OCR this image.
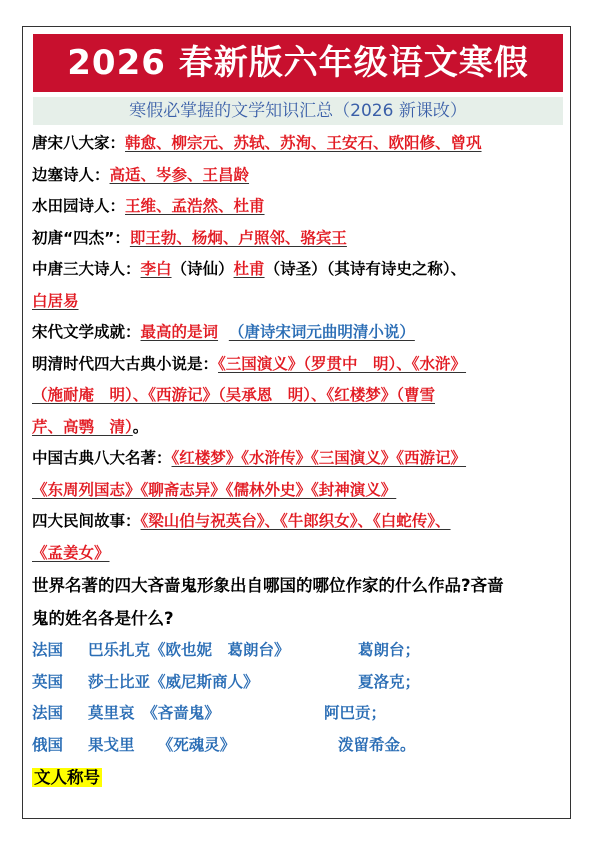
2026 春新版六年级语文寒假
寒假必掌握的文学知识汇总（2026 新课改）
唐宋八大家：韩愈、柳宗元、苏轼、苏洵、王安石、欧阳修、曾巩
边塞诗人：高适、岑参、王昌龄
水田园诗人：王维、孟浩然、杜甫
初唐“四杰”：即王勃、杨炯、卢照邻、骆宾王
中唐三大诗人：李白（诗仙）杜甫（诗圣）（其诗有诗史之称）、
白居易
宋代文学成就：最高的是词 （唐诗宋词元曲明清小说）
明清时代四大古典小说是：《三国演义》（罗贯中　明）、《水浒》
（施耐庵　明）、《西游记》（吴承恩　明）、《红楼梦》（曹雪
芹、高鹗　清）。
中国古典八大名著：《红楼梦》《水浒传》《三国演义》《西游记》
《东周列国志》《聊斋志异》《儒林外史》《封神演义》
四大民间故事：《梁山伯与祝英台》、《牛郎织女》、《白蛇传》、
《孟姜女》
世界名著的四大吝啬鬼形象出自哪国的哪位作家的什么作品?吝啬
鬼的姓名各是什么?
法国 巴乐扎克《欧也妮　葛朗台》	葛朗台；
英国 莎士比亚《威尼斯商人》	夏洛克；
法国 莫里哀　《吝啬鬼》	阿巴贡；
俄国 果戈里　　《死魂灵》	泼留希金。
文人称号
